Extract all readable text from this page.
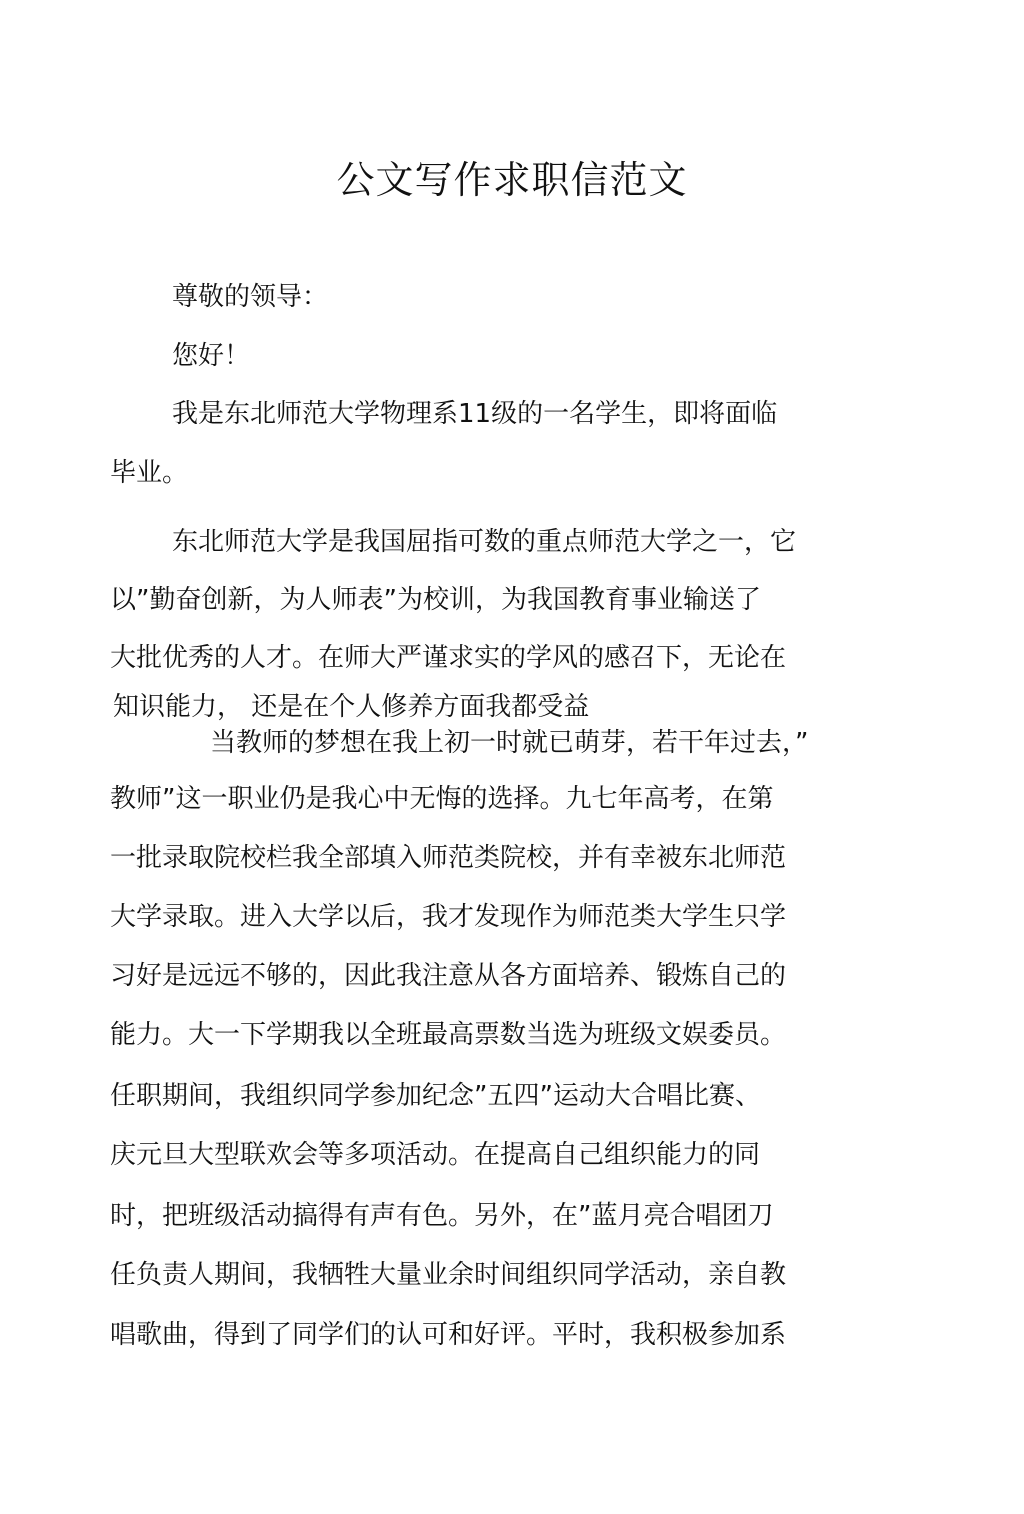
公文写作求职信范文

尊敬的领导：

您好！

我是东北师范大学物理系11级的一名学生，即将面临

毕业。

东北师范大学是我国屈指可数的重点师范大学之一，它

以”勤奋创新，为人师表”为校训，为我国教育事业输送了

大批优秀的人才。在师大严谨求实的学风的感召下，无论在

知识能力， 还是在个人修养方面我都受益

当教师的梦想在我上初一时就已萌芽，若干年过去，”

教师”这一职业仍是我心中无悔的选择。九七年高考，在第

一批录取院校栏我全部填入师范类院校，并有幸被东北师范

大学录取。进入大学以后，我才发现作为师范类大学生只学

习好是远远不够的，因此我注意从各方面培养、锻炼自己的

能力。大一下学期我以全班最高票数当选为班级文娱委员。

任职期间，我组织同学参加纪念”五四”运动大合唱比赛、

庆元旦大型联欢会等多项活动。在提高自己组织能力的同

时，把班级活动搞得有声有色。另外，在”蓝月亮合唱团刀

任负责人期间，我牺牲大量业余时间组织同学活动，亲自教

唱歌曲，得到了同学们的认可和好评。平时，我积极参加系
